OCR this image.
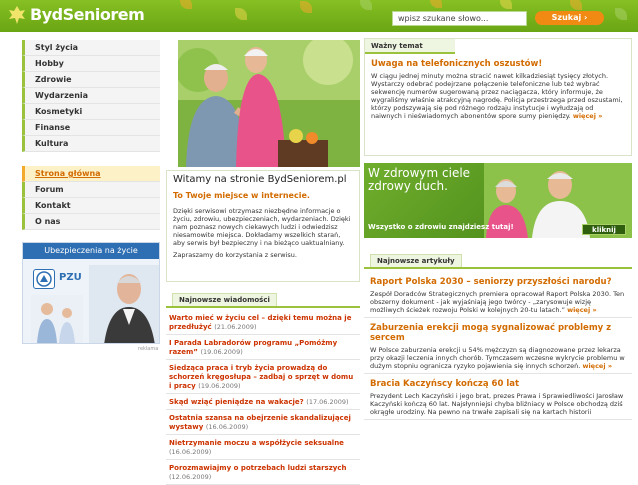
BydSeniorem	wpisz szukane słowo...	Szukaj ›
Styl życia
Hobby
Zdrowie
Wydarzenia
Kosmetyki
Finanse
Kultura
Strona główna
Forum
Kontakt
O nas
Ubezpieczenia na życie
PZU
reklama
Witamy na stronie BydSeniorem.pl
To Twoje miejsce w internecie.

Dzięki serwisowi otrzymasz niezbędne informacje o życiu, zdrowiu, ubezpieczeniach, wydarzeniach. Dzięki nam poznasz nowych ciekawych ludzi i odwiedzisz niesamowite miejsca. Dokładamy wszelkich starań, aby serwis był bezpieczny i na bieżąco uaktualniany.

Zapraszamy do korzystania z serwisu.

Najnowsze wiadomości
Warto mieć w życiu cel – dzięki temu można je przedłużyć (21.06.2009)
I Parada Labradorów programu „Pomóżmy razem” (19.06.2009)
Siedząca praca i tryb życia prowadzą do schorzeń kręgosłupa – zadbaj o sprzęt w domu i pracy (19.06.2009)
Skąd wziąć pieniądze na wakacje? (17.06.2009)
Ostatnia szansa na obejrzenie skandalizującej wystawy (16.06.2009)
Nietrzymanie moczu a współżycie seksualne (16.06.2009)
Porozmawiajmy o potrzebach ludzi starszych (12.06.2009)
Ważny temat
Uwaga na telefonicznych oszustów!

W ciągu jednej minuty można stracić nawet kilkadziesiąt tysięcy złotych. Wystarczy odebrać podejrzane połączenie telefoniczne lub też wybrać sekwencję numerów sugerowaną przez naciągacza, który informuje, że wygraliśmy właśnie atrakcyjną nagrodę. Policja przestrzega przed oszustami, którzy podszywają się pod różnego rodzaju instytucje i wyłudzają od naiwnych i nieświadomych abonentów spore sumy pieniędzy. więcej »

W zdrowym ciele
zdrowy duch.
Wszystko o zdrowiu znajdziesz tutaj!	kliknij
Najnowsze artykuły
Raport Polska 2030 – seniorzy przyszłości narodu?

Zespół Doradców Strategicznych premiera opracował Raport Polska 2030. Ten obszerny dokument - jak wyjaśniają jego twórcy - „zarysowuje wizję możliwych ścieżek rozwoju Polski w kolejnych 20-tu latach.” więcej »

Zaburzenia erekcji mogą sygnalizować problemy z sercem

W Polsce zaburzenia erekcji u 54% mężczyzn są diagnozowane przez lekarza przy okazji leczenia innych chorób. Tymczasem wczesne wykrycie problemu w dużym stopniu ogranicza ryzyko pojawienia się innych schorzeń. więcej »

Bracia Kaczyńscy kończą 60 lat

Prezydent Lech Kaczyński i jego brat, prezes Prawa i Sprawiedliwości Jarosław Kaczyński kończą 60 lat. Najsłynniejsi chyba bliźniacy w Polsce obchodzą dziś okrągłe urodziny. Na pewno na trwałe zapisali się na kartach historii
